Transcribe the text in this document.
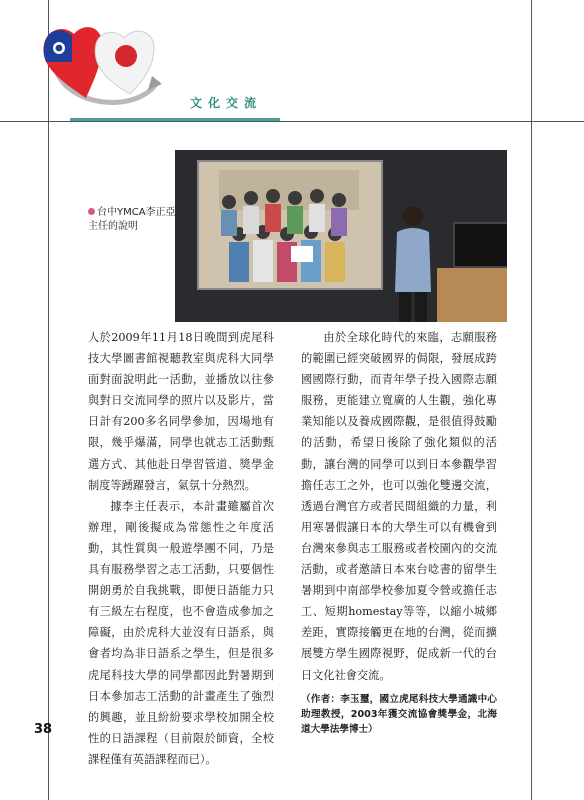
文化交流
台中YMCA李正亞主任的說明

人於2009年11月18日晚間到虎尾科技大學圖書館視聽教室與虎科大同學面對面說明此一活動，並播放以往參與對日交流同學的照片以及影片，當日計有200多名同學參加，因場地有限，幾乎爆滿，同學也就志工活動甄選方式、其他赴日學習管道、獎學金制度等踴躍發言，氣氛十分熱烈。

據李主任表示，本計畫雖屬首次辦理，剛後擬成為常態性之年度活動，其性質與一般遊學團不同，乃是具有服務學習之志工活動，只要個性開朗勇於自我挑戰，即便日語能力只有三級左右程度，也不會造成參加之障礙，由於虎科大並沒有日語系，與會者均為非日語系之學生，但是很多虎尾科技大學的同學都因此對暑期到日本參加志工活動的計畫產生了強烈的興趣，並且紛紛要求學校加開全校性的日語課程（目前限於師資，全校課程僅有英語課程而已）。

由於全球化時代的來臨，志願服務的範圍已經突破國界的侷限，發展成跨國國際行動，而青年學子投入國際志願服務，更能建立寬廣的人生觀，強化專業知能以及養成國際觀，是很值得鼓勵的活動，希望日後除了強化類似的活動，讓台灣的同學可以到日本參觀學習擔任志工之外，也可以強化雙邊交流，透過台灣官方或者民間組織的力量，利用寒暑假讓日本的大學生可以有機會到台灣來參與志工服務或者校園內的交流活動，或者邀請日本來台唸書的留學生暑期到中南部學校參加夏令營或擔任志工、短期homestay等等，以縮小城鄉差距，實際接觸更在地的台灣，從而擴展雙方學生國際視野，促成新一代的台日文化社會交流。

（作者：李玉璽，國立虎尾科技大學通識中心助理教授，2003年獲交流協會獎學金，北海道大學法學博士）

38
